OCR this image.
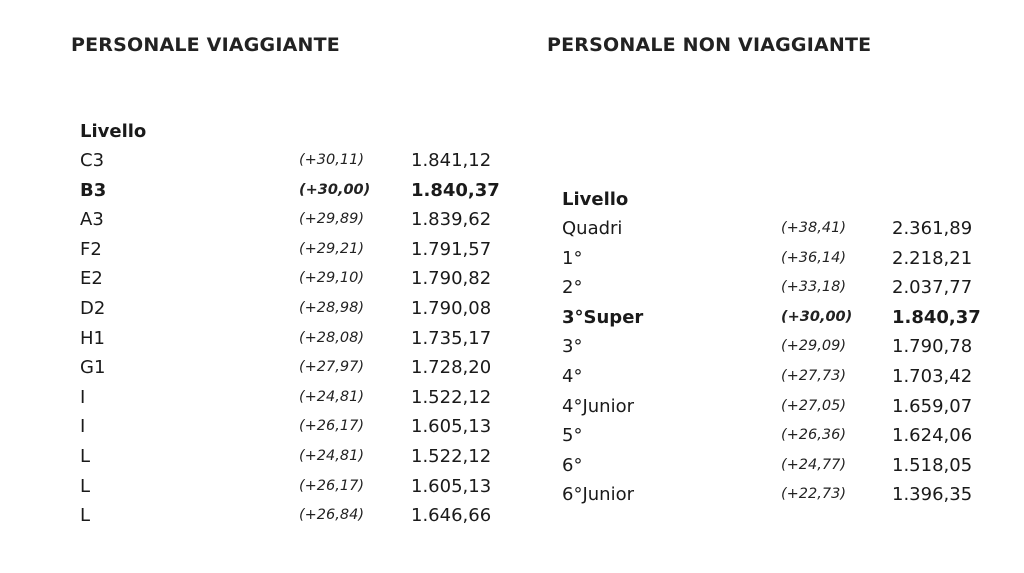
PERSONALE VIAGGIANTE	PERSONALE NON VIAGGIANTE
Livello
C3	(+30,11)	1.841,12
B3	(+30,00) 1.840,37
A3	(+29,89)	1.839,62
F2	(+29,21)	1.791,57
E2	(+29,10)	1.790,82
D2	(+28,98)	1.790,08
H1	(+28,08)	1.735,17
G1	(+27,97)	1.728,20
I	(+24,81)	1.522,12
I	(+26,17)	1.605,13
L	(+24,81)	1.522,12
L	(+26,17)	1.605,13
L	(+26,84)	1.646,66
Livello
Quadri	(+38,41)	2.361,89
1°	(+36,14)	2.218,21
2°	(+33,18)	2.037,77
3°Super	(+30,00) 1.840,37
3°	(+29,09)	1.790,78
4°	(+27,73)	1.703,42
4°Junior	(+27,05)	1.659,07
5°	(+26,36)	1.624,06
6°	(+24,77)	1.518,05
6°Junior	(+22,73)	1.396,35
